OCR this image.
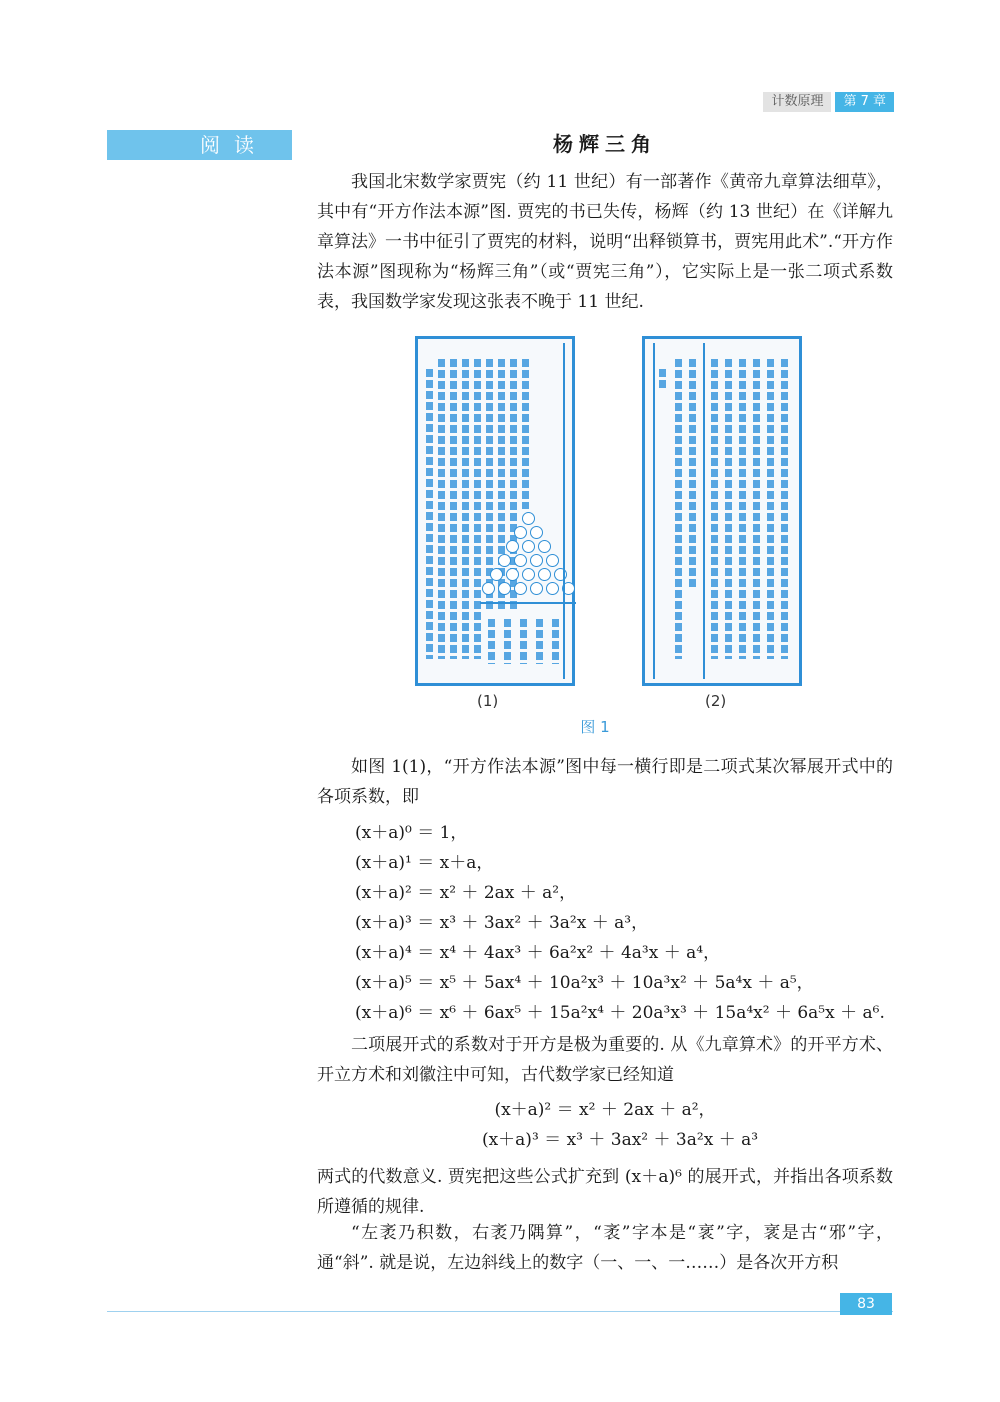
计数原理	第 7 章
阅读	杨辉三角

我国北宋数学家贾宪（约 11 世纪）有一部著作《黄帝九章算法细草》，其中有“开方作法本源”图. 贾宪的书已失传，杨辉（约 13 世纪）在《详解九章算法》一书中征引了贾宪的材料，说明“出释锁算书，贾宪用此术”.“开方作法本源”图现称为“杨辉三角”（或“贾宪三角”），它实际上是一张二项式系数表，我国数学家发现这张表不晚于 11 世纪.

(1)	(2)
图 1

如图 1(1)，“开方作法本源”图中每一横行即是二项式某次幂展开式中的各项系数，即

(x＋a)⁰ ＝ 1，
(x＋a)¹ ＝ x＋a，
(x＋a)² ＝ x² ＋ 2ax ＋ a²，
(x＋a)³ ＝ x³ ＋ 3ax² ＋ 3a²x ＋ a³，
(x＋a)⁴ ＝ x⁴ ＋ 4ax³ ＋ 6a²x² ＋ 4a³x ＋ a⁴，
(x＋a)⁵ ＝ x⁵ ＋ 5ax⁴ ＋ 10a²x³ ＋ 10a³x² ＋ 5a⁴x ＋ a⁵，
(x＋a)⁶ ＝ x⁶ ＋ 6ax⁵ ＋ 15a²x⁴ ＋ 20a³x³ ＋ 15a⁴x² ＋ 6a⁵x ＋ a⁶.

二项展开式的系数对于开方是极为重要的. 从《九章算术》的开平方术、开立方术和刘徽注中可知，古代数学家已经知道

(x＋a)² ＝ x² ＋ 2ax ＋ a²，
(x＋a)³ ＝ x³ ＋ 3ax² ＋ 3a²x ＋ a³

两式的代数意义. 贾宪把这些公式扩充到 (x＋a)⁶ 的展开式，并指出各项系数所遵循的规律.

“左袤乃积数，右袤乃隅算”，“袤”字本是“衺”字，衺是古“邪”字，通“斜”. 就是说，左边斜线上的数字（一、一、一……）是各次开方积

83
